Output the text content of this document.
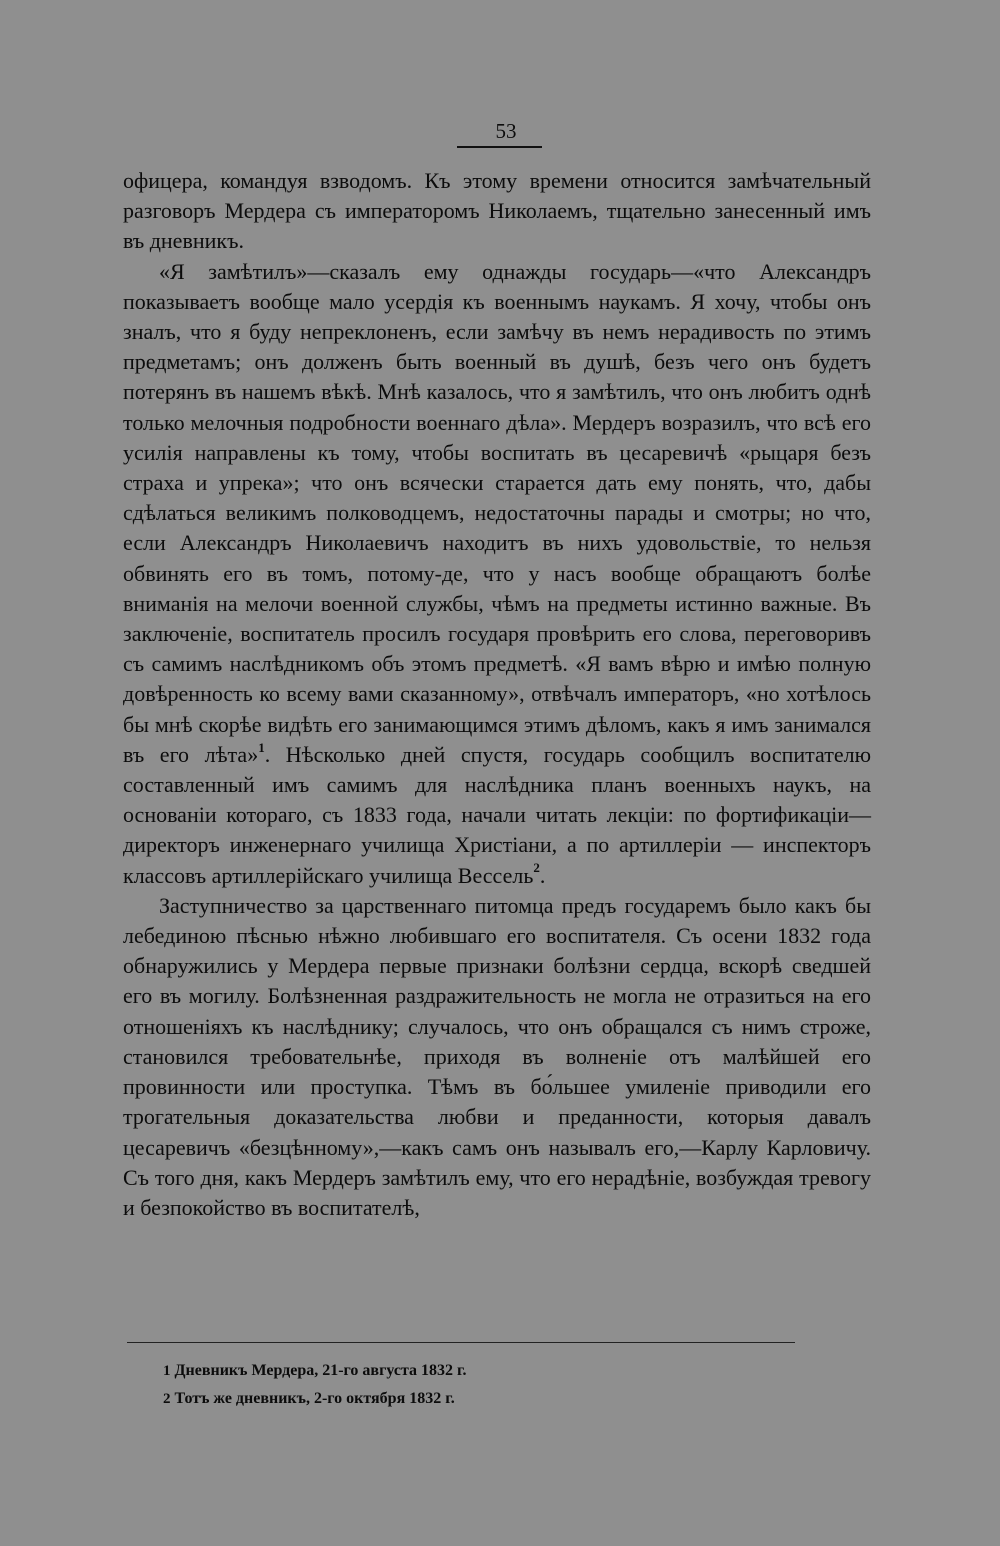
53

офицера, командуя взводомъ. Къ этому времени относится замѣчательный разговоръ Мердера съ императоромъ Николаемъ, тщательно занесенный имъ въ дневникъ.

«Я замѣтилъ»—сказалъ ему однажды государь—«что Александръ показываетъ вообще мало усердія къ военнымъ наукамъ. Я хочу, чтобы онъ зналъ, что я буду непреклоненъ, если замѣчу въ немъ нерадивость по этимъ предметамъ; онъ долженъ быть военный въ душѣ, безъ чего онъ будетъ потерянъ въ нашемъ вѣкѣ. Мнѣ казалось, что я замѣтилъ, что онъ любитъ однѣ только мелочныя подробности военнаго дѣла». Мердеръ возразилъ, что всѣ его усилія направлены къ тому, чтобы воспитать въ цесаревичѣ «рыцаря безъ страха и упрека»; что онъ всячески старается дать ему понять, что, дабы сдѣлаться великимъ полководцемъ, недостаточны парады и смотры; но что, если Александръ Николаевичъ находитъ въ нихъ удовольствіе, то нельзя обвинять его въ томъ, потому-де, что у насъ вообще обращаютъ болѣе вниманія на мелочи военной службы, чѣмъ на предметы истинно важные. Въ заключеніе, воспитатель просилъ государя провѣрить его слова, переговоривъ съ самимъ наслѣдникомъ объ этомъ предметѣ. «Я вамъ вѣрю и имѣю полную довѣренность ко всему вами сказанному», отвѣчалъ императоръ, «но хотѣлось бы мнѣ скорѣе видѣть его занимающимся этимъ дѣломъ, какъ я имъ занимался въ его лѣта»$^1$. Нѣсколько дней спустя, государь сообщилъ воспитателю составленный имъ самимъ для наслѣдника планъ военныхъ наукъ, на основаніи котораго, съ 1833 года, начали читать лекціи: по фортификаціи—директоръ инженернаго училища Христіани, а по артиллеріи — инспекторъ классовъ артиллерійскаго училища Вессель$^2$.

Заступничество за царственнаго питомца предъ государемъ было какъ бы лебединою пѣснью нѣжно любившаго его воспитателя. Съ осени 1832 года обнаружились у Мердера первые признаки болѣзни сердца, вскорѣ сведшей его въ могилу. Болѣзненная раздражительность не могла не отразиться на его отношеніяхъ къ наслѣднику; случалось, что онъ обращался съ нимъ строже, становился требовательнѣе, приходя въ волненіе отъ малѣйшей его провинности или проступка. Тѣмъ въ бо́льшее умиленіе приводили его трогательныя доказательства любви и преданности, которыя давалъ цесаревичъ «безцѣнному»,—какъ самъ онъ называлъ его,—Карлу Карловичу. Съ того дня, какъ Мердеръ замѣтилъ ему, что его нерадѣніе, возбуждая тревогу и безпокойство въ воспитателѣ,

1 Дневникъ Мердера, 21-го августа 1832 г.
2 Тотъ же дневникъ, 2-го октября 1832 г.
